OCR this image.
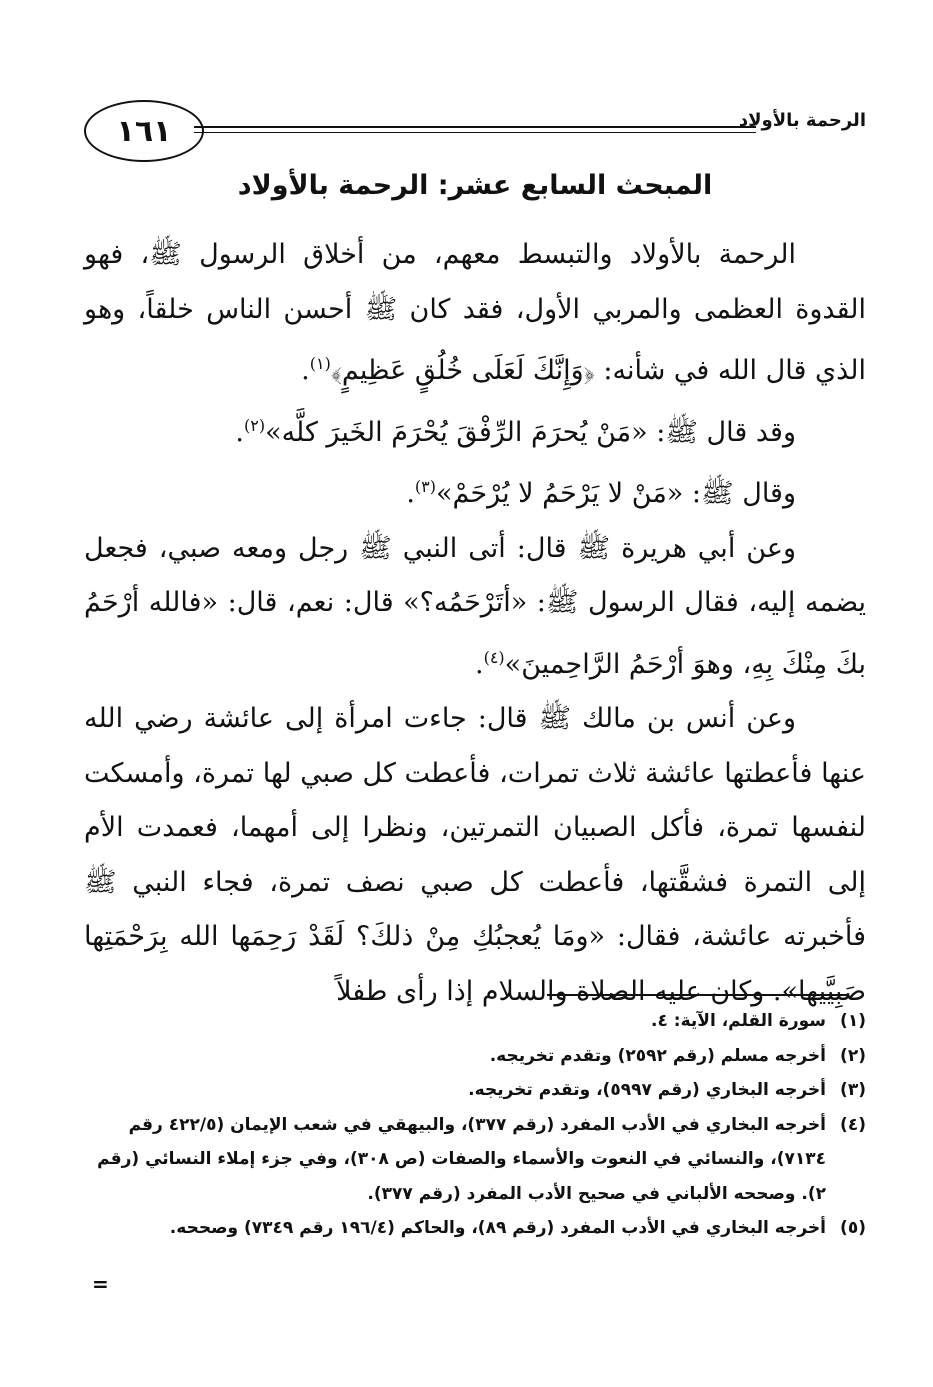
الرحمة بالأولاد
١٦١
المبحث السابع عشر: الرحمة بالأولاد

الرحمة بالأولاد والتبسط معهم، من أخلاق الرسول ﷺ، فهو القدوة العظمى والمربي الأول، فقد كان ﷺ أحسن الناس خلقاً، وهو الذي قال الله في شأنه: ﴿وَإِنَّكَ لَعَلَى خُلُقٍ عَظِيمٍ﴾$^{(١)}$.

وقد قال ﷺ: «مَنْ يُحرَمَ الرِّفْقَ يُحْرَمَ الخَيرَ كلَّه»$^{(٢)}$.

وقال ﷺ: «مَنْ لا يَرْحَمُ لا يُرْحَمْ»$^{(٣)}$.

وعن أبي هريرة ﷺ قال: أتى النبي ﷺ رجل ومعه صبي، فجعل يضمه إليه، فقال الرسول ﷺ: «أتَرْحَمُه؟» قال: نعم، قال: «فالله أرْحَمُ بكَ مِنْكَ بِهِ، وهوَ أرْحَمُ الرَّاحِمينَ»$^{(٤)}$.

وعن أنس بن مالك ﷺ قال: جاءت امرأة إلى عائشة رضي الله عنها فأعطتها عائشة ثلاث تمرات، فأعطت كل صبي لها تمرة، وأمسكت لنفسها تمرة، فأكل الصبيان التمرتين، ونظرا إلى أمهما، فعمدت الأم إلى التمرة فشقَّتها، فأعطت كل صبي نصف تمرة، فجاء النبي ﷺ فأخبرته عائشة، فقال: «ومَا يُعجبُكِ مِنْ ذلكَ؟ لَقَدْ رَحِمَها الله بِرَحْمَتِها صَبِيَّيها». وكان عليه الصلاة والسلام إذا رأى طفلاً

(١)
سورة القلم، الآية: ٤.
(٢)
أخرجه مسلم (رقم ٢٥٩٢) وتقدم تخريجه.
(٣)
أخرجه البخاري (رقم ٥٩٩٧)، وتقدم تخريجه.
(٤)
أخرجه البخاري في الأدب المفرد (رقم ٣٧٧)، والبيهقي في شعب الإيمان (٤٢٢/٥ رقم ٧١٣٤)، والنسائي في النعوت والأسماء والصفات (ص ٣٠٨)، وفي جزء إملاء النسائي (رقم ٢). وصححه الألباني في صحيح الأدب المفرد (رقم ٣٧٧).
(٥)
أخرجه البخاري في الأدب المفرد (رقم ٨٩)، والحاكم (١٩٦/٤ رقم ٧٣٤٩) وصححه.
=
